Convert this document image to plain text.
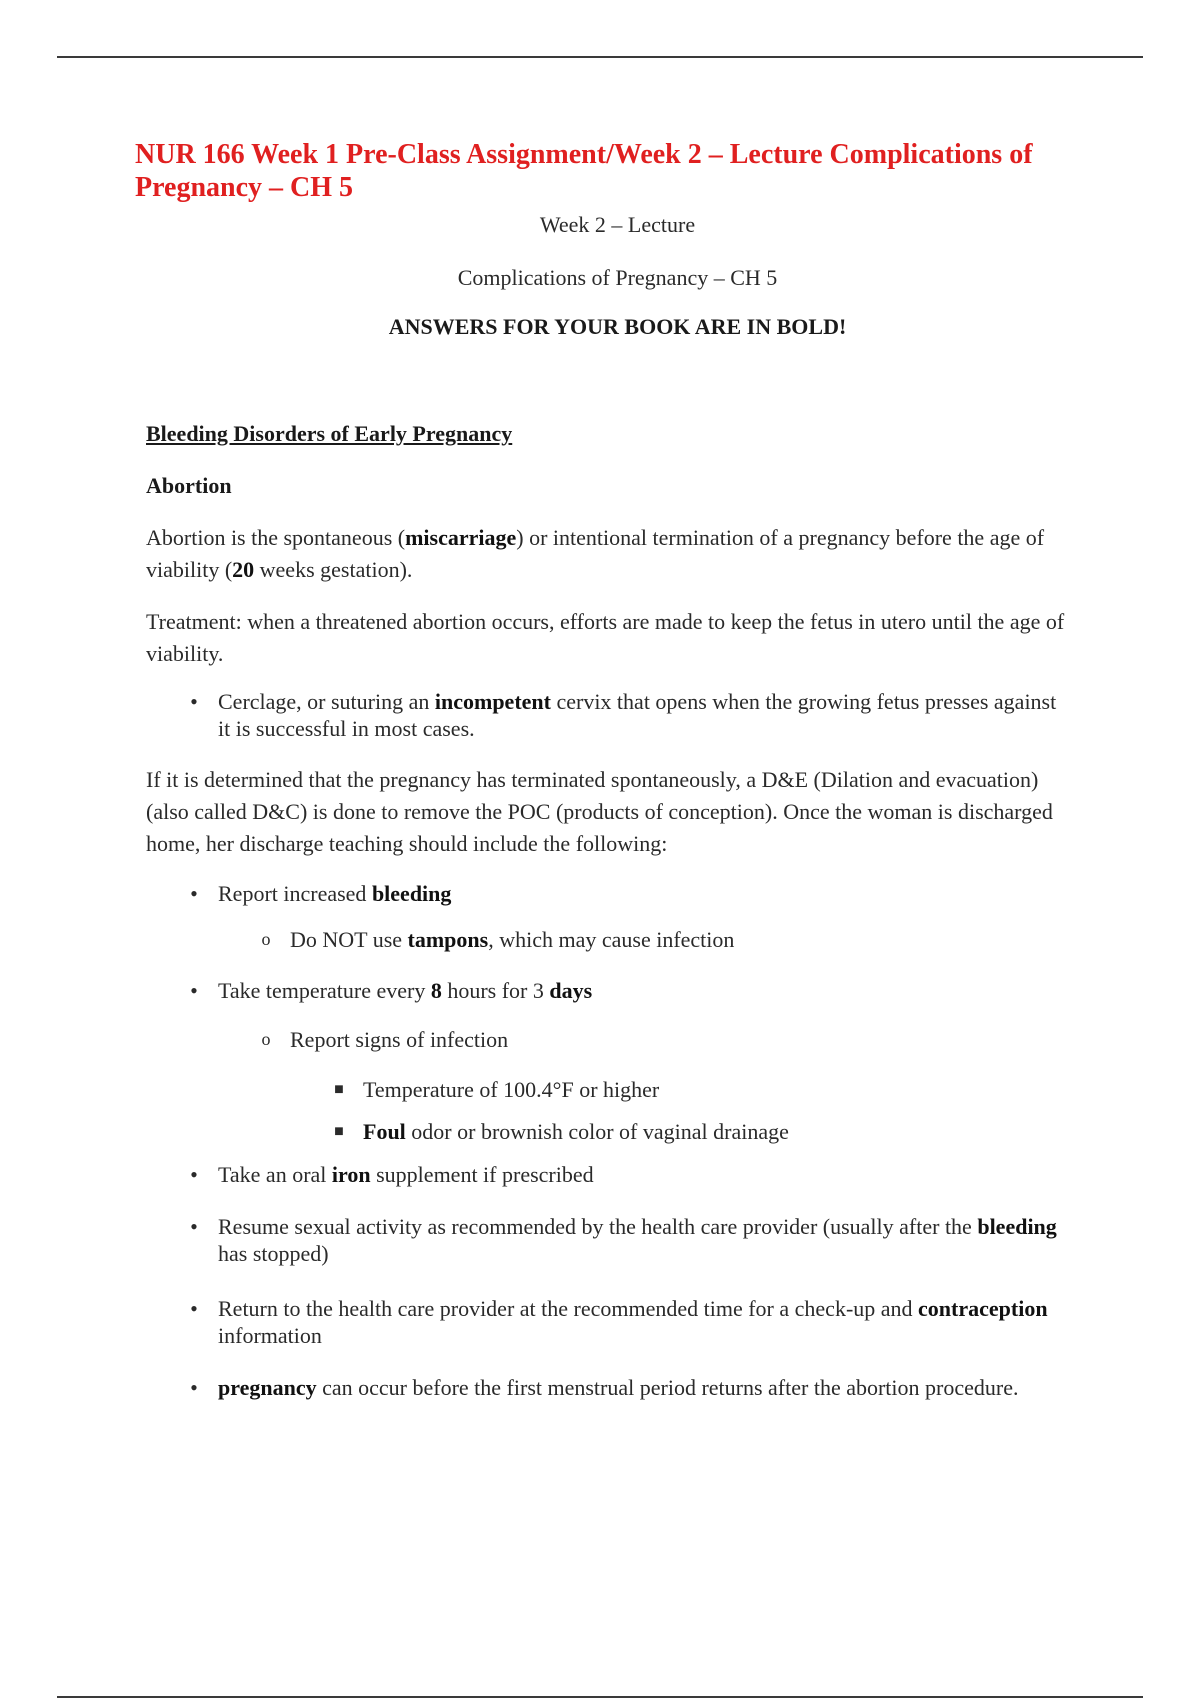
NUR 166 Week 1 Pre-Class Assignment/Week 2 – Lecture Complications of Pregnancy – CH 5

Week 2 – Lecture

Complications of Pregnancy – CH 5

ANSWERS FOR YOUR BOOK ARE IN BOLD!

Bleeding Disorders of Early Pregnancy

Abortion

Abortion is the spontaneous (miscarriage) or intentional termination of a pregnancy before the age of viability (20 weeks gestation).

Treatment: when a threatened abortion occurs, efforts are made to keep the fetus in utero until the age of viability.

• Cerclage, or suturing an incompetent cervix that opens when the growing fetus presses against it is successful in most cases.

If it is determined that the pregnancy has terminated spontaneously, a D&E (Dilation and evacuation) (also called D&C) is done to remove the POC (products of conception). Once the woman is discharged home, her discharge teaching should include the following:

• Report increased bleeding
o Do NOT use tampons, which may cause infection
• Take temperature every 8 hours for 3 days
o Report signs of infection
■ Temperature of 100.4°F or higher
■ Foul odor or brownish color of vaginal drainage
• Take an oral iron supplement if prescribed
• Resume sexual activity as recommended by the health care provider (usually after the bleeding has stopped)
• Return to the health care provider at the recommended time for a check-up and contraception information
• pregnancy can occur before the first menstrual period returns after the abortion procedure.
